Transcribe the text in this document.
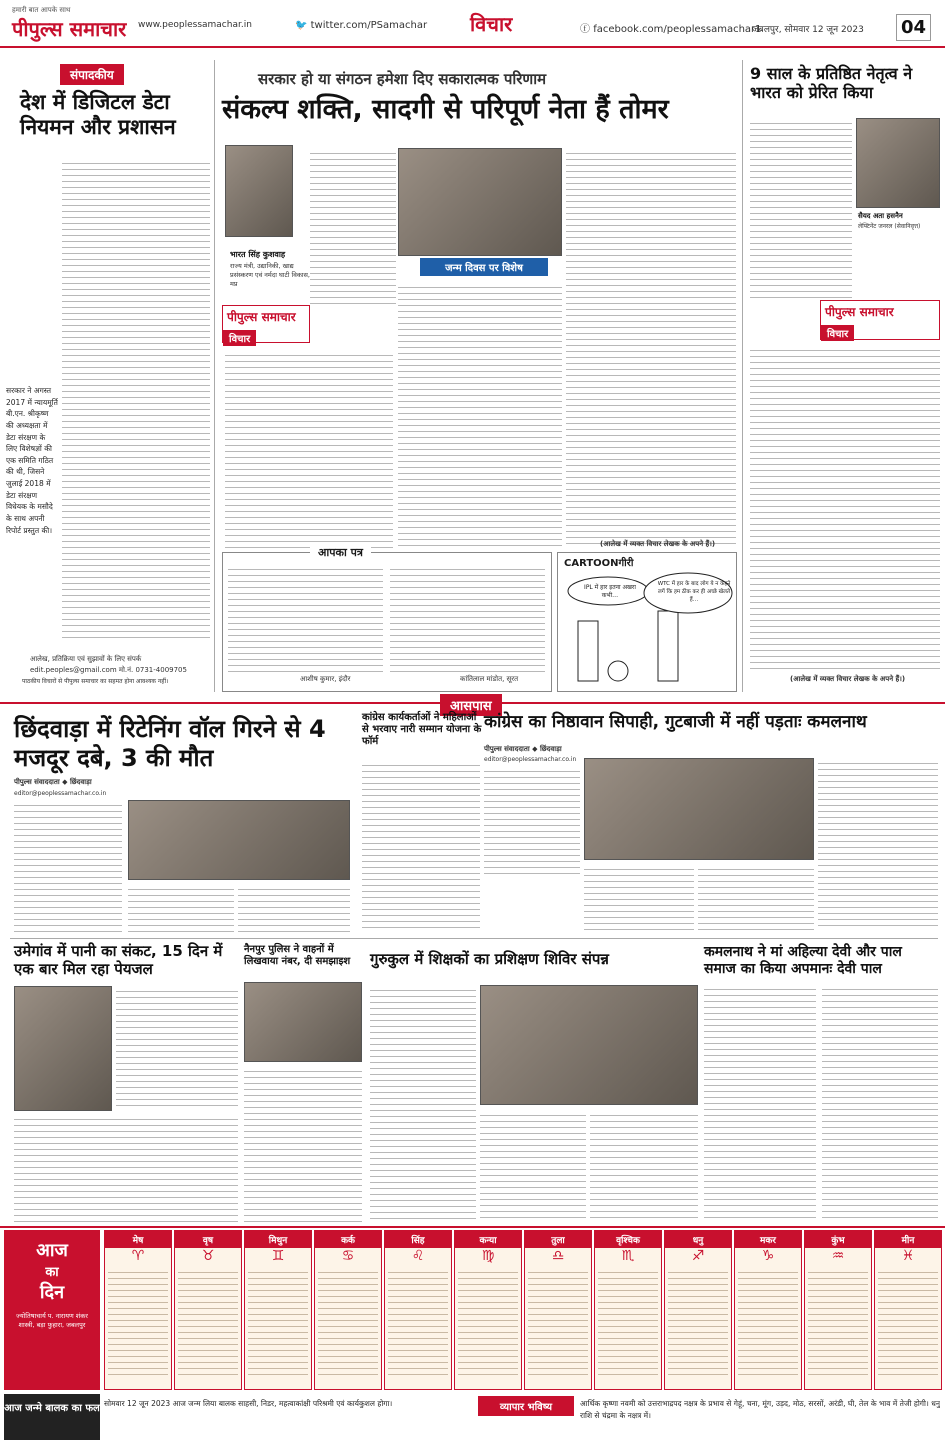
हमारी बात आपके साथ
पीपुल्स समाचार www.peoplessamachar.in	🐦 twitter.com/PSamachar विचार	ⓕ facebook.com/peoplessamachar1
जबलपुर, सोमवार 12 जून 2023 04
संपादकीय
देश में डिजिटल डेटा नियमन और प्रशासन
सरकार ने अगस्त 2017 में न्यायमूर्ति बी.एन. श्रीकृष्ण की अध्यक्षता में डेटा संरक्षण के लिए विशेषज्ञों की एक समिति गठित की थी, जिसने जुलाई 2018 में डेटा संरक्षण विधेयक के मसौदे के साथ अपनी रिपोर्ट प्रस्तुत की।
आलेख, प्रतिक्रिया एवं सुझावों के लिए संपर्क
edit.peoples@gmail.com मो.नं. 0731-4009705
पाठकीय विचारों से पीपुल्स समाचार का सहमत होना आवश्यक नहीं।
सरकार हो या संगठन हमेशा दिए सकारात्मक परिणाम
संकल्प शक्ति, सादगी से परिपूर्ण नेता हैं तोमर
भारत सिंह कुशवाह
राज्य मंत्री, उद्यानिकी, खाद्य प्रसंस्करण एवं नर्मदा घाटी विकास, मप्र
जन्म दिवस पर विशेष
पीपुल्स समाचार
विचार
(आलेख में व्यक्त विचार लेखक के अपने हैं।)
आपका पत्र
आशीष कुमार, इंदौर	कांतिलाल मांडोत, सूरत
CARTOONगीरी
IPL में हार इतना अखरा कभी…
WTC में हार के बाद लोग ये न कहने लगें कि हम ठीक कर ही अच्छे खेलते हैं…
9 साल के प्रतिष्ठित नेतृत्व ने भारत को प्रेरित किया
सैयद अता हसनैन
लेफ्टिनेंट जनरल (सेवानिवृत्त)
पीपुल्स समाचार
विचार
(आलेख में व्यक्त विचार लेखक के अपने हैं।)
आसपास
छिंदवाड़ा में रिटेनिंग वॉल गिरने से 4 मजदूर दबे, 3 की मौत
पीपुल्स संवाददाता ◆ छिंदवाड़ा
editor@peoplessamachar.co.in
कांग्रेस कार्यकर्ताओं ने महिलाओं से भरवाए नारी सम्मान योजना के फॉर्म
कांग्रेस का निष्ठावान सिपाही, गुटबाजी में नहीं पड़ताः कमलनाथ
पीपुल्स संवाददाता ◆ छिंदवाड़ा
editor@peoplessamachar.co.in
उमेगांव में पानी का संकट, 15 दिन में एक बार मिल रहा पेयजल
नैनपुर पुलिस ने वाहनों में लिखवाया नंबर, दी समझाइश	गुरुकुल में शिक्षकों का प्रशिक्षण शिविर संपन्न	कमलनाथ ने मां अहिल्या देवी और पाल समाज का किया अपमानः देवी पाल
आज
का
दिन
ज्योतिषाचार्य प. नारायण शंकर शास्त्री, बड़ा फुहारा, जबलपुर
मेष
♈
वृष
♉
मिथुन
♊
कर्क
♋
सिंह
♌
कन्या
♍
तुला
♎
वृश्चिक
♏
धनु
♐
मकर
♑
कुंभ
♒
मीन
♓
आज जन्मे बालक का फल सोमवार 12 जून 2023 आज जन्म लिया बालक साहसी, निडर, महत्वाकांक्षी परिश्रमी एवं कार्यकुशल होगा।	व्यापार भविष्य	आर्थिक कृष्णा नवमी को उत्तराभाद्रपद नक्षत्र के प्रभाव से गेहूं, चना, मूंग, उड़द, मोठ, सरसों, अरंडी, घी, तेल के भाव में तेजी होगी। धनु राशि से चंद्रमा के नक्षत्र में।
